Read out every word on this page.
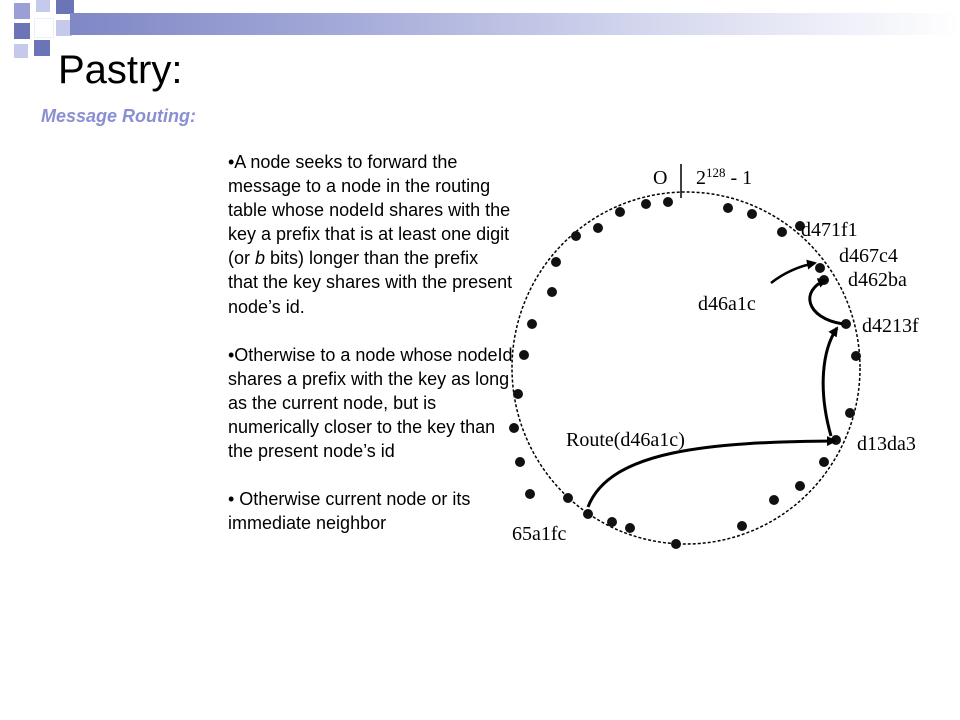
Pastry:
Message Routing:

•A node seeks to forward the message to a node in the routing table whose nodeId shares with the key a prefix that is at least one digit (or b bits) longer than the prefix that the key shares with the present node’s id.

•Otherwise to a node whose nodeId shares a prefix with the key as long as the current node, but is numerically closer to the key than the present node’s id

• Otherwise current node or its immediate neighbor

O $2^{128} - 1$
d471f1
d467c4
d462ba
d46a1c
d4213f
d13da3
65a1fc
Route(d46a1c)
